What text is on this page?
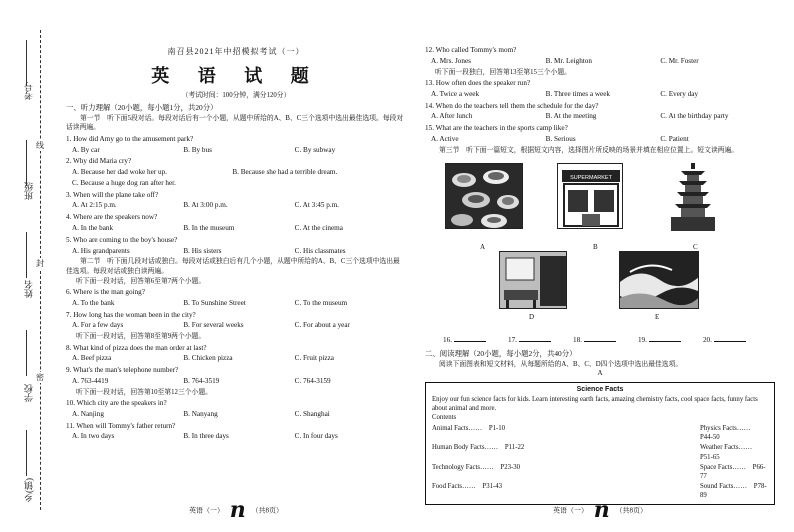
考号
班级
姓名
学校
乡(镇)
线
封
密
南召县2021年中招模拟考试（一）
英 语 试 题
（考试时间：100分钟，满分120分）
一、听力理解（20小题，每小题1分，共20分）
第一节　听下面5段对话。每段对话后有一个小题，从题中所给的A、B、C三个选项中选出最佳选项。每段对话读两遍。
1. How did Amy go to the amusement park?
A. By car	B. By bus	C. By subway
2. Why did Maria cry?
A. Because her dad woke her up.	B. Because she had a terrible dream.
C. Because a huge dog ran after her.
3. When will the plane take off?
A. At 2:15 p.m.	B. At 3:00 p.m.	C. At 3:45 p.m.
4. Where are the speakers now?
A. In the bank	B. In the museum	C. At the cinema
5. Who are coming to the boy's house?
A. His grandparents	B. His sisters	C. His classmates
第二节　听下面几段对话或独白。每段对话或独白后有几个小题，从题中所给的A、B、C三个选项中选出最佳选项。每段对话或独白读两遍。
听下面一段对话，回答第6至第7两个小题。
6. Where is the man going?
A. To the bank	B. To Sunshine Street	C. To the museum
7. How long has the woman been in the city?
A. For a few days	B. For several weeks	C. For about a year
听下面一段对话，回答第8至第9两个小题。
8. What kind of pizza does the man order at last?
A. Beef pizza	B. Chicken pizza	C. Fruit pizza
9. What's the man's telephone number?
A. 763-4419	B. 764-3519	C. 764-3159
听下面一段对话，回答第10至第12三个小题。
10. Which city are the speakers in?
A. Nanjing	B. Nanyang	C. Shanghai
11. When will Tommy's father return?
A. In two days	B. In three days	C. In four days
英语（一） n （共8页）
12. Who called Tommy's mom?
A. Mrs. Jones	B. Mr. Leighton	C. Mr. Foster
听下面一段独白，回答第13至第15三个小题。
13. How often does the speaker run?
A. Twice a week	B. Three times a week	C. Every day
14. When do the teachers tell them the schedule for the day?
A. After lunch	B. At the meeting	C. At the birthday party
15. What are the teachers in the sports camp like?
A. Active	B. Serious	C. Patient
第三节　听下面一篇短文，根据短文内容，选择图片所反映的场景并填在相应位置上。短文读两遍。
A
SUPERMARKET
B	C
D	E
16.	17.	18.	19.	20.
二、阅读理解（20小题，每小题2分，共40分）
阅读下面图表和短文材料，从每题所给的A、B、C、D四个选项中选出最佳选项。
A
Science Facts
Enjoy our fun science facts for kids. Learn interesting earth facts, amazing chemistry facts, cool space facts, funny facts about animal and more.
Contents
Animal Facts……　P1-10	Physics Facts……　P44-50
Human Body Facts……　P11-22	Weather Facts……　P51-65
Technology Facts……　P23-30	Space Facts……　P66-77
Food Facts……　P31-43	Sound Facts……　P78-89
英语（一） n （共8页）
